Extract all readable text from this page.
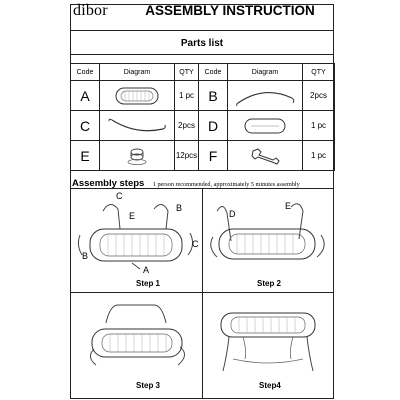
dibor	ASSEMBLY INSTRUCTION
Parts list
Code	Diagram	QTY	Code	Diagram	QTY
A		1 pc	B		2pcs
C		2pcs	D		1 pc
E		12pcs	F		1 pc
Assembly steps 1 person recommended, approximately 5 minutes assembly
C
E
B
C
B
A
Step 1
D
E
Step 2
Step 3	Step4
